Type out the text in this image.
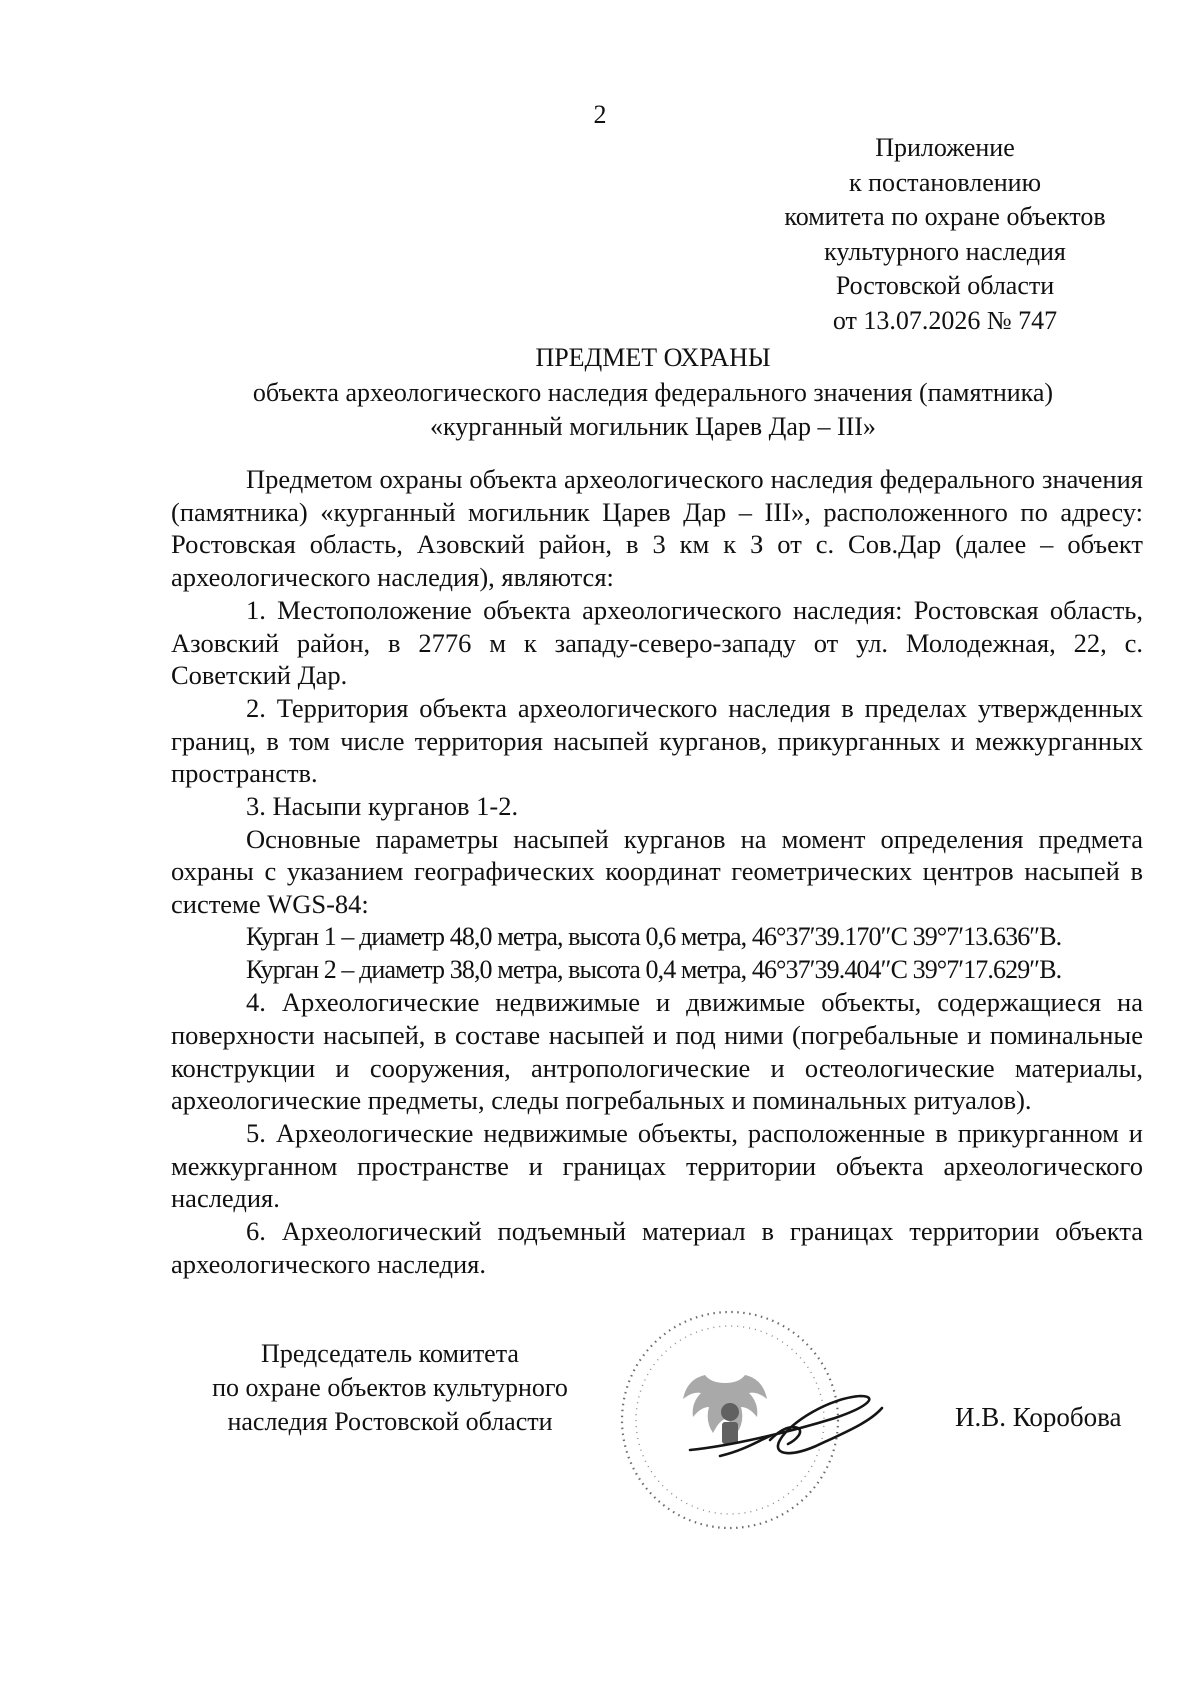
2
Приложение
к постановлению
комитета по охране объектов
культурного наследия
Ростовской области
от 13.07.2026 № 747
ПРЕДМЕТ ОХРАНЫ
объекта археологического наследия федерального значения (памятника)
«курганный могильник Царев Дар – III»
Предметом охраны объекта археологического наследия федерального значения (памятника) «курганный могильник Царев Дар – III», расположенного по адресу: Ростовская область, Азовский район, в 3 км к З от с. Сов.Дар (далее – объект археологического наследия), являются:
1. Местоположение объекта археологического наследия: Ростовская область, Азовский район, в 2776 м к западу-северо-западу от ул. Молодежная, 22, с. Советский Дар.
2. Территория объекта археологического наследия в пределах утвержденных границ, в том числе территория насыпей курганов, прикурганных и межкурганных пространств.
3. Насыпи курганов 1-2.
Основные параметры насыпей курганов на момент определения предмета охраны с указанием географических координат геометрических центров насыпей в системе WGS-84:
Курган 1 – диаметр 48,0 метра, высота 0,6 метра, 46°37′39.170″С 39°7′13.636″В.
Курган 2 – диаметр 38,0 метра, высота 0,4 метра, 46°37′39.404″С 39°7′17.629″В.
4. Археологические недвижимые и движимые объекты, содержащиеся на поверхности насыпей, в составе насыпей и под ними (погребальные и поминальные конструкции и сооружения, антропологические и остеологические материалы, археологические предметы, следы погребальных и поминальных ритуалов).
5. Археологические недвижимые объекты, расположенные в прикурганном и межкурганном пространстве и границах территории объекта археологического наследия.
6. Археологический подъемный материал в границах территории объекта археологического наследия.
Председатель комитета
по охране объектов культурного
наследия Ростовской области	И.В. Коробова
